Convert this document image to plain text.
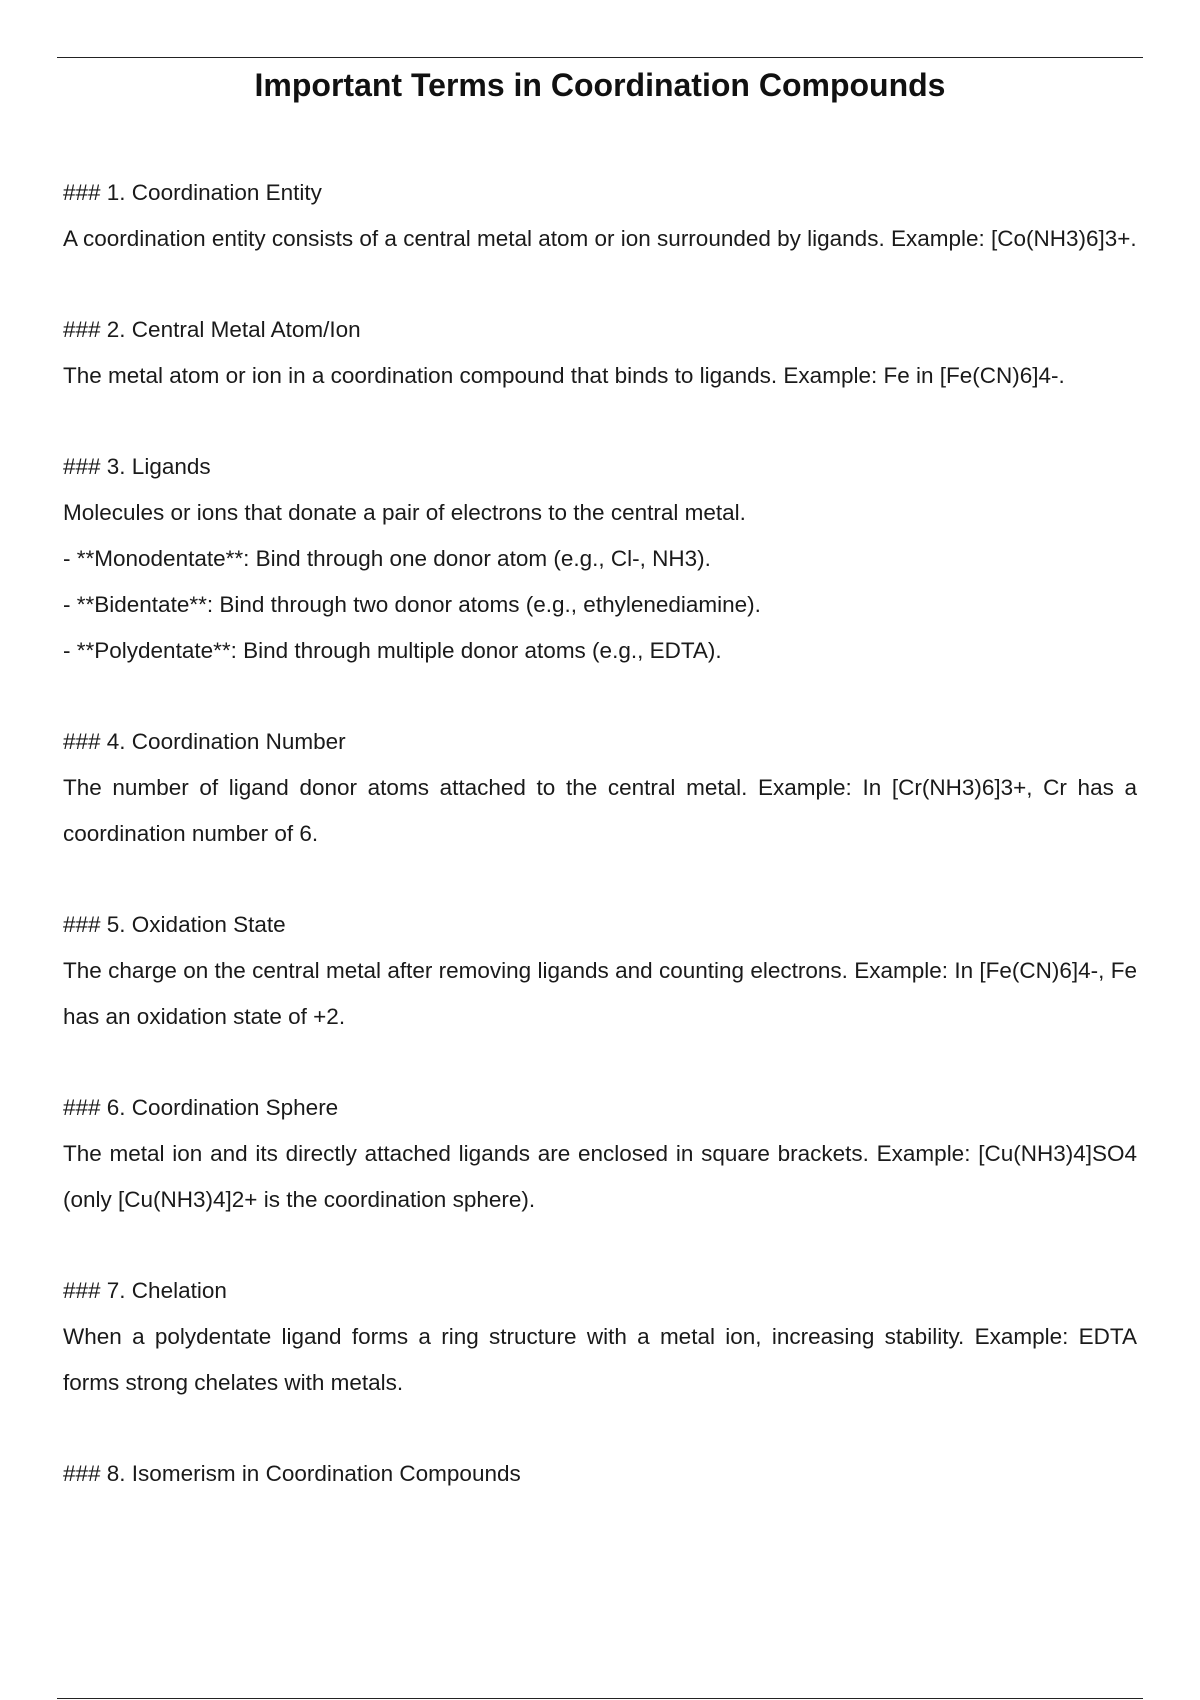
Important Terms in Coordination Compounds

### 1. Coordination Entity

A coordination entity consists of a central metal atom or ion surrounded by ligands. Example: [Co(NH3)6]3+.

### 2. Central Metal Atom/Ion

The metal atom or ion in a coordination compound that binds to ligands. Example: Fe in [Fe(CN)6]4-.

### 3. Ligands

Molecules or ions that donate a pair of electrons to the central metal.

- **Monodentate**: Bind through one donor atom (e.g., Cl-, NH3).

- **Bidentate**: Bind through two donor atoms (e.g., ethylenediamine).

- **Polydentate**: Bind through multiple donor atoms (e.g., EDTA).

### 4. Coordination Number

The number of ligand donor atoms attached to the central metal. Example: In [Cr(NH3)6]3+, Cr has a coordination number of 6.

### 5. Oxidation State

The charge on the central metal after removing ligands and counting electrons. Example: In [Fe(CN)6]4-, Fe has an oxidation state of +2.

### 6. Coordination Sphere

The metal ion and its directly attached ligands are enclosed in square brackets. Example: [Cu(NH3)4]SO4 (only [Cu(NH3)4]2+ is the coordination sphere).

### 7. Chelation

When a polydentate ligand forms a ring structure with a metal ion, increasing stability. Example: EDTA forms strong chelates with metals.

### 8. Isomerism in Coordination Compounds
